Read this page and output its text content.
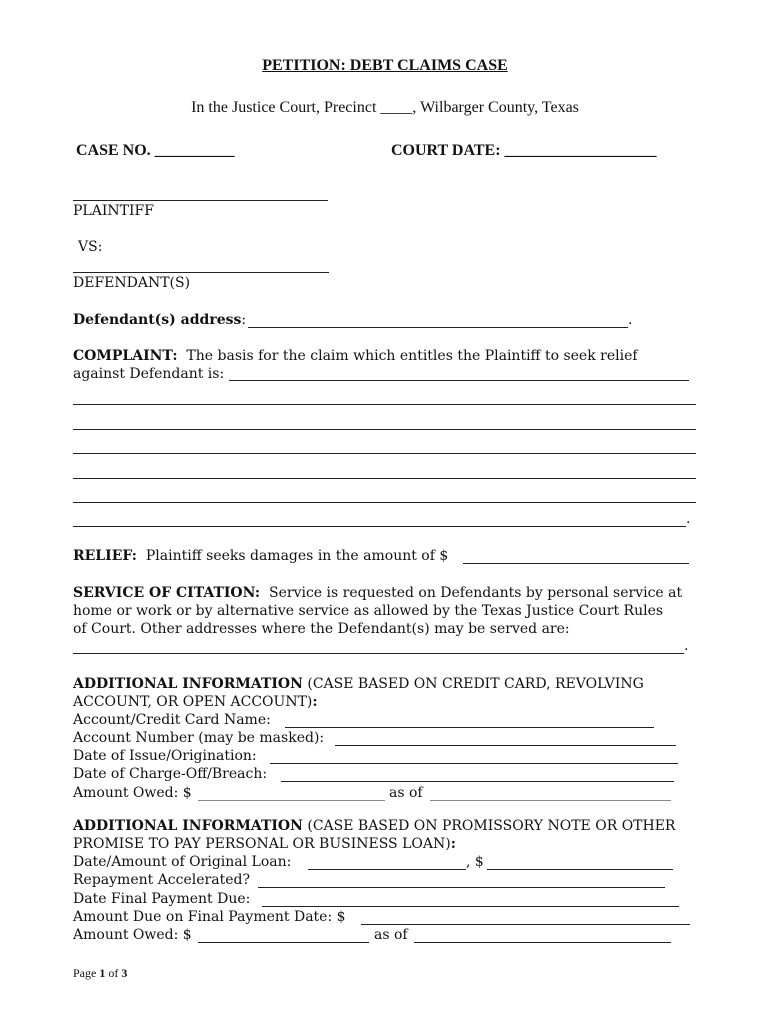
PETITION: DEBT CLAIMS CASE
In the Justice Court, Precinct ____, Wilbarger County, Texas
CASE NO. __________	COURT DATE: ___________________
PLAINTIFF
VS:
DEFENDANT(S)
Defendant(s) address:	.
COMPLAINT: The basis for the claim which entitles the Plaintiff to seek relief
against Defendant is:
.
RELIEF: Plaintiff seeks damages in the amount of $
SERVICE OF CITATION: Service is requested on Defendants by personal service at
home or work or by alternative service as allowed by the Texas Justice Court Rules
of Court. Other addresses where the Defendant(s) may be served are:
.
ADDITIONAL INFORMATION (CASE BASED ON CREDIT CARD, REVOLVING
ACCOUNT, OR OPEN ACCOUNT):
Account/Credit Card Name:
Account Number (may be masked):
Date of Issue/Origination:
Date of Charge-Off/Breach:
Amount Owed: $	as of
ADDITIONAL INFORMATION (CASE BASED ON PROMISSORY NOTE OR OTHER
PROMISE TO PAY PERSONAL OR BUSINESS LOAN):
Date/Amount of Original Loan:	, $
Repayment Accelerated?
Date Final Payment Due:
Amount Due on Final Payment Date: $
Amount Owed: $	as of
Page 1 of 3
